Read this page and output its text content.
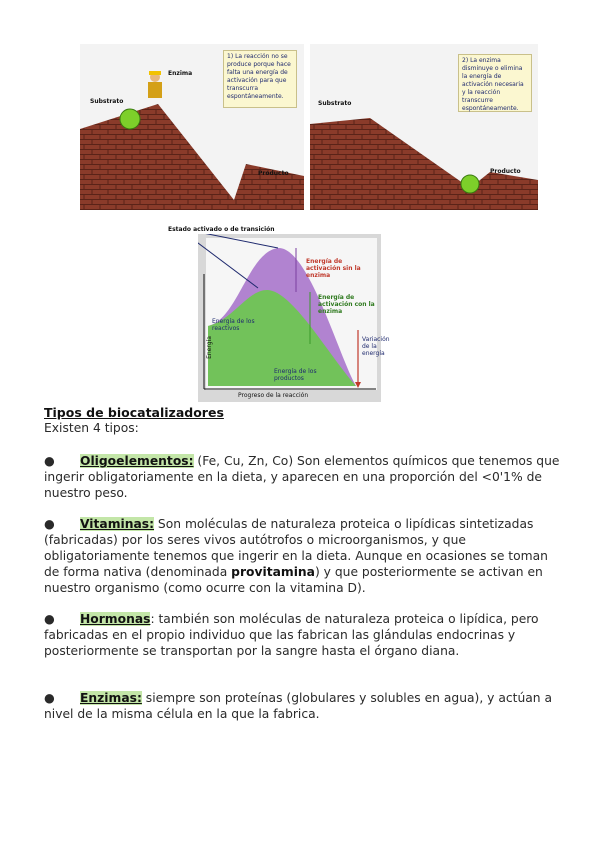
1) La reacción no se produce porque hace falta una energía de activación para que transcurra espontáneamente.
Enzima
Substrato
Producto
2) La enzima disminuye o elimina la energía de activación necesaria y la reacción transcurre espontáneamente.
Substrato
Producto
Estado activado o de transición
Energía de activación sin la enzima
Energía de activación con la enzima
Energía de los reactivos
Energía de los productos
Variación de la energía
Energía
Progreso de la reacción
Tipos de biocatalizadores
Existen 4 tipos:
● Oligoelementos: (Fe, Cu, Zn, Co) Son elementos químicos que tenemos que ingerir obligatoriamente en la dieta, y aparecen en una proporción del <0'1% de nuestro peso.
● Vitaminas: Son moléculas de naturaleza proteica o lipídicas sintetizadas (fabricadas) por los seres vivos autótrofos o microorganismos, y que obligatoriamente tenemos que ingerir en la dieta. Aunque en ocasiones se toman de forma nativa (denominada provitamina) y que posteriormente se activan en nuestro organismo (como ocurre con la vitamina D).
● Hormonas: también son moléculas de naturaleza proteica o lipídica, pero fabricadas en el propio individuo que las fabrican las glándulas endocrinas y posteriormente se transportan por la sangre hasta el órgano diana.
● Enzimas: siempre son proteínas (globulares y solubles en agua), y actúan a nivel de la misma célula en la que la fabrica.
